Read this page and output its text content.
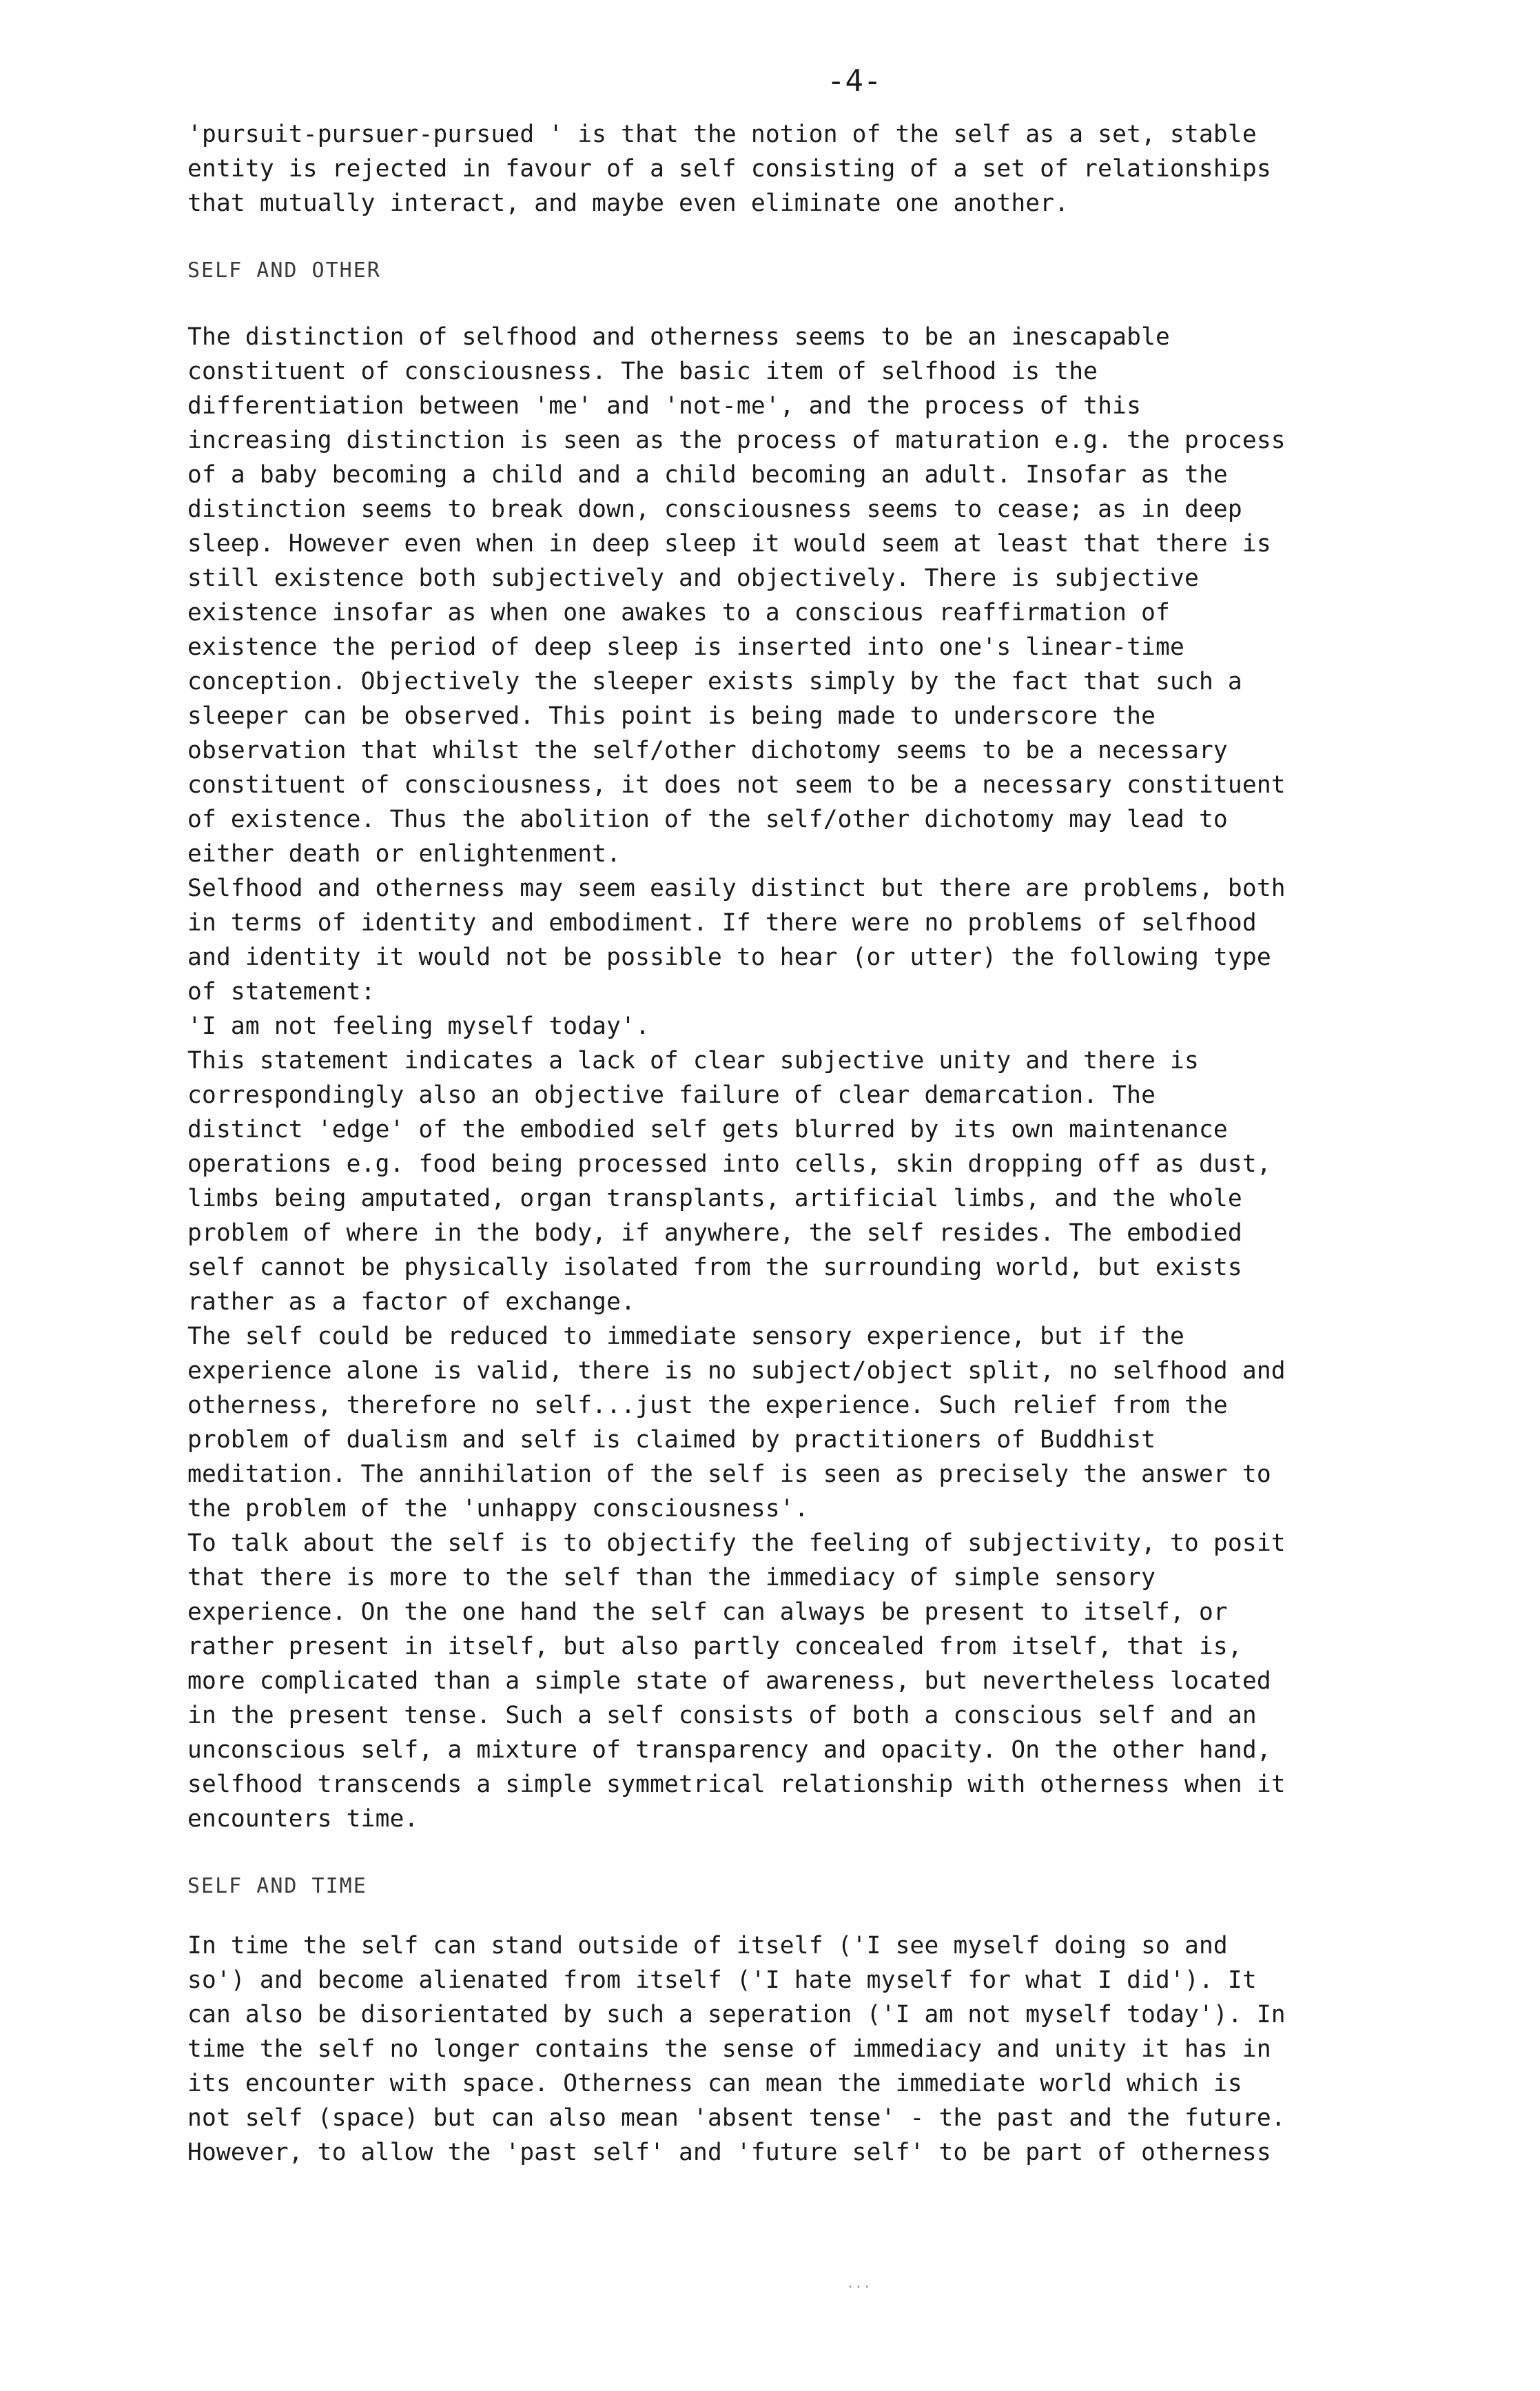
-4-

'pursuit-pursuer-pursued ' is that the notion of the self as a set, stable
entity is rejected in favour of a self consisting of a set of relationships
that mutually interact, and maybe even eliminate one another.

SELF AND OTHER

The distinction of selfhood and otherness seems to be an inescapable
constituent of consciousness. The basic item of selfhood is the
differentiation between 'me' and 'not-me', and the process of this
increasing distinction is seen as the process of maturation e.g. the process
of a baby becoming a child and a child becoming an adult. Insofar as the
distinction seems to break down, consciousness seems to cease; as in deep
sleep. However even when in deep sleep it would seem at least that there is
still existence both subjectively and objectively. There is subjective
existence insofar as when one awakes to a conscious reaffirmation of
existence the period of deep sleep is inserted into one's linear-time
conception. Objectively the sleeper exists simply by the fact that such a
sleeper can be observed. This point is being made to underscore the
observation that whilst the self/other dichotomy seems to be a necessary
constituent of consciousness, it does not seem to be a necessary constituent
of existence. Thus the abolition of the self/other dichotomy may lead to
either death or enlightenment.

Selfhood and otherness may seem easily distinct but there are problems, both
in terms of identity and embodiment. If there were no problems of selfhood
and identity it would not be possible to hear (or utter) the following type
of statement:

'I am not feeling myself today'.

This statement indicates a lack of clear subjective unity and there is
correspondingly also an objective failure of clear demarcation. The
distinct 'edge' of the embodied self gets blurred by its own maintenance
operations e.g. food being processed into cells, skin dropping off as dust,
limbs being amputated, organ transplants, artificial limbs, and the whole
problem of where in the body, if anywhere, the self resides. The embodied
self cannot be physically isolated from the surrounding world, but exists
rather as a factor of exchange.

The self could be reduced to immediate sensory experience, but if the
experience alone is valid, there is no subject/object split, no selfhood and
otherness, therefore no self...just the experience. Such relief from the
problem of dualism and self is claimed by practitioners of Buddhist
meditation. The annihilation of the self is seen as precisely the answer to
the problem of the 'unhappy consciousness'.

To talk about the self is to objectify the feeling of subjectivity, to posit
that there is more to the self than the immediacy of simple sensory
experience. On the one hand the self can always be present to itself, or
rather present in itself, but also partly concealed from itself, that is,
more complicated than a simple state of awareness, but nevertheless located
in the present tense. Such a self consists of both a conscious self and an
unconscious self, a mixture of transparency and opacity. On the other hand,
selfhood transcends a simple symmetrical relationship with otherness when it
encounters time.

SELF AND TIME

In time the self can stand outside of itself ('I see myself doing so and
so') and become alienated from itself ('I hate myself for what I did'). It
can also be disorientated by such a seperation ('I am not myself today'). In
time the self no longer contains the sense of immediacy and unity it has in
its encounter with space. Otherness can mean the immediate world which is
not self (space) but can also mean 'absent tense' - the past and the future.
However, to allow the 'past self' and 'future self' to be part of otherness

...
